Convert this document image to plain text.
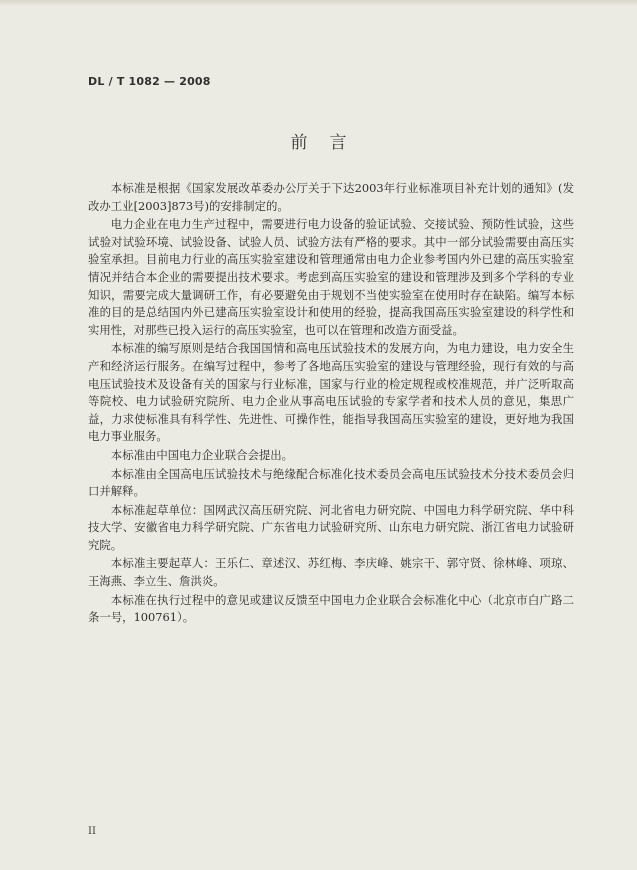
DL / T 1082 — 2008
前言

本标准是根据《国家发展改革委办公厅关于下达2003年行业标准项目补充计划的通知》(发改办工业[2003]873号)的安排制定的。

电力企业在电力生产过程中，需要进行电力设备的验证试验、交接试验、预防性试验，这些试验对试验环境、试验设备、试验人员、试验方法有严格的要求。其中一部分试验需要由高压实验室承担。目前电力行业的高压实验室建设和管理通常由电力企业参考国内外已建的高压实验室情况并结合本企业的需要提出技术要求。考虑到高压实验室的建设和管理涉及到多个学科的专业知识，需要完成大量调研工作，有必要避免由于规划不当使实验室在使用时存在缺陷。编写本标准的目的是总结国内外已建高压实验室设计和使用的经验，提高我国高压实验室建设的科学性和实用性，对那些已投入运行的高压实验室，也可以在管理和改造方面受益。

本标准的编写原则是结合我国国情和高电压试验技术的发展方向，为电力建设，电力安全生产和经济运行服务。在编写过程中，参考了各地高压实验室的建设与管理经验，现行有效的与高电压试验技术及设备有关的国家与行业标准，国家与行业的检定规程或校准规范，并广泛听取高等院校、电力试验研究院所、电力企业从事高电压试验的专家学者和技术人员的意见，集思广益，力求使标准具有科学性、先进性、可操作性，能指导我国高压实验室的建设，更好地为我国电力事业服务。

本标准由中国电力企业联合会提出。

本标准由全国高电压试验技术与绝缘配合标准化技术委员会高电压试验技术分技术委员会归口并解释。

本标准起草单位：国网武汉高压研究院、河北省电力研究院、中国电力科学研究院、华中科技大学、安徽省电力科学研究院、广东省电力试验研究所、山东电力研究院、浙江省电力试验研究院。

本标准主要起草人：王乐仁、章述汉、苏红梅、李庆峰、姚宗干、郭守贤、徐林峰、项琼、王海燕、李立生、詹洪炎。

本标准在执行过程中的意见或建议反馈至中国电力企业联合会标准化中心（北京市白广路二条一号，100761）。

II
